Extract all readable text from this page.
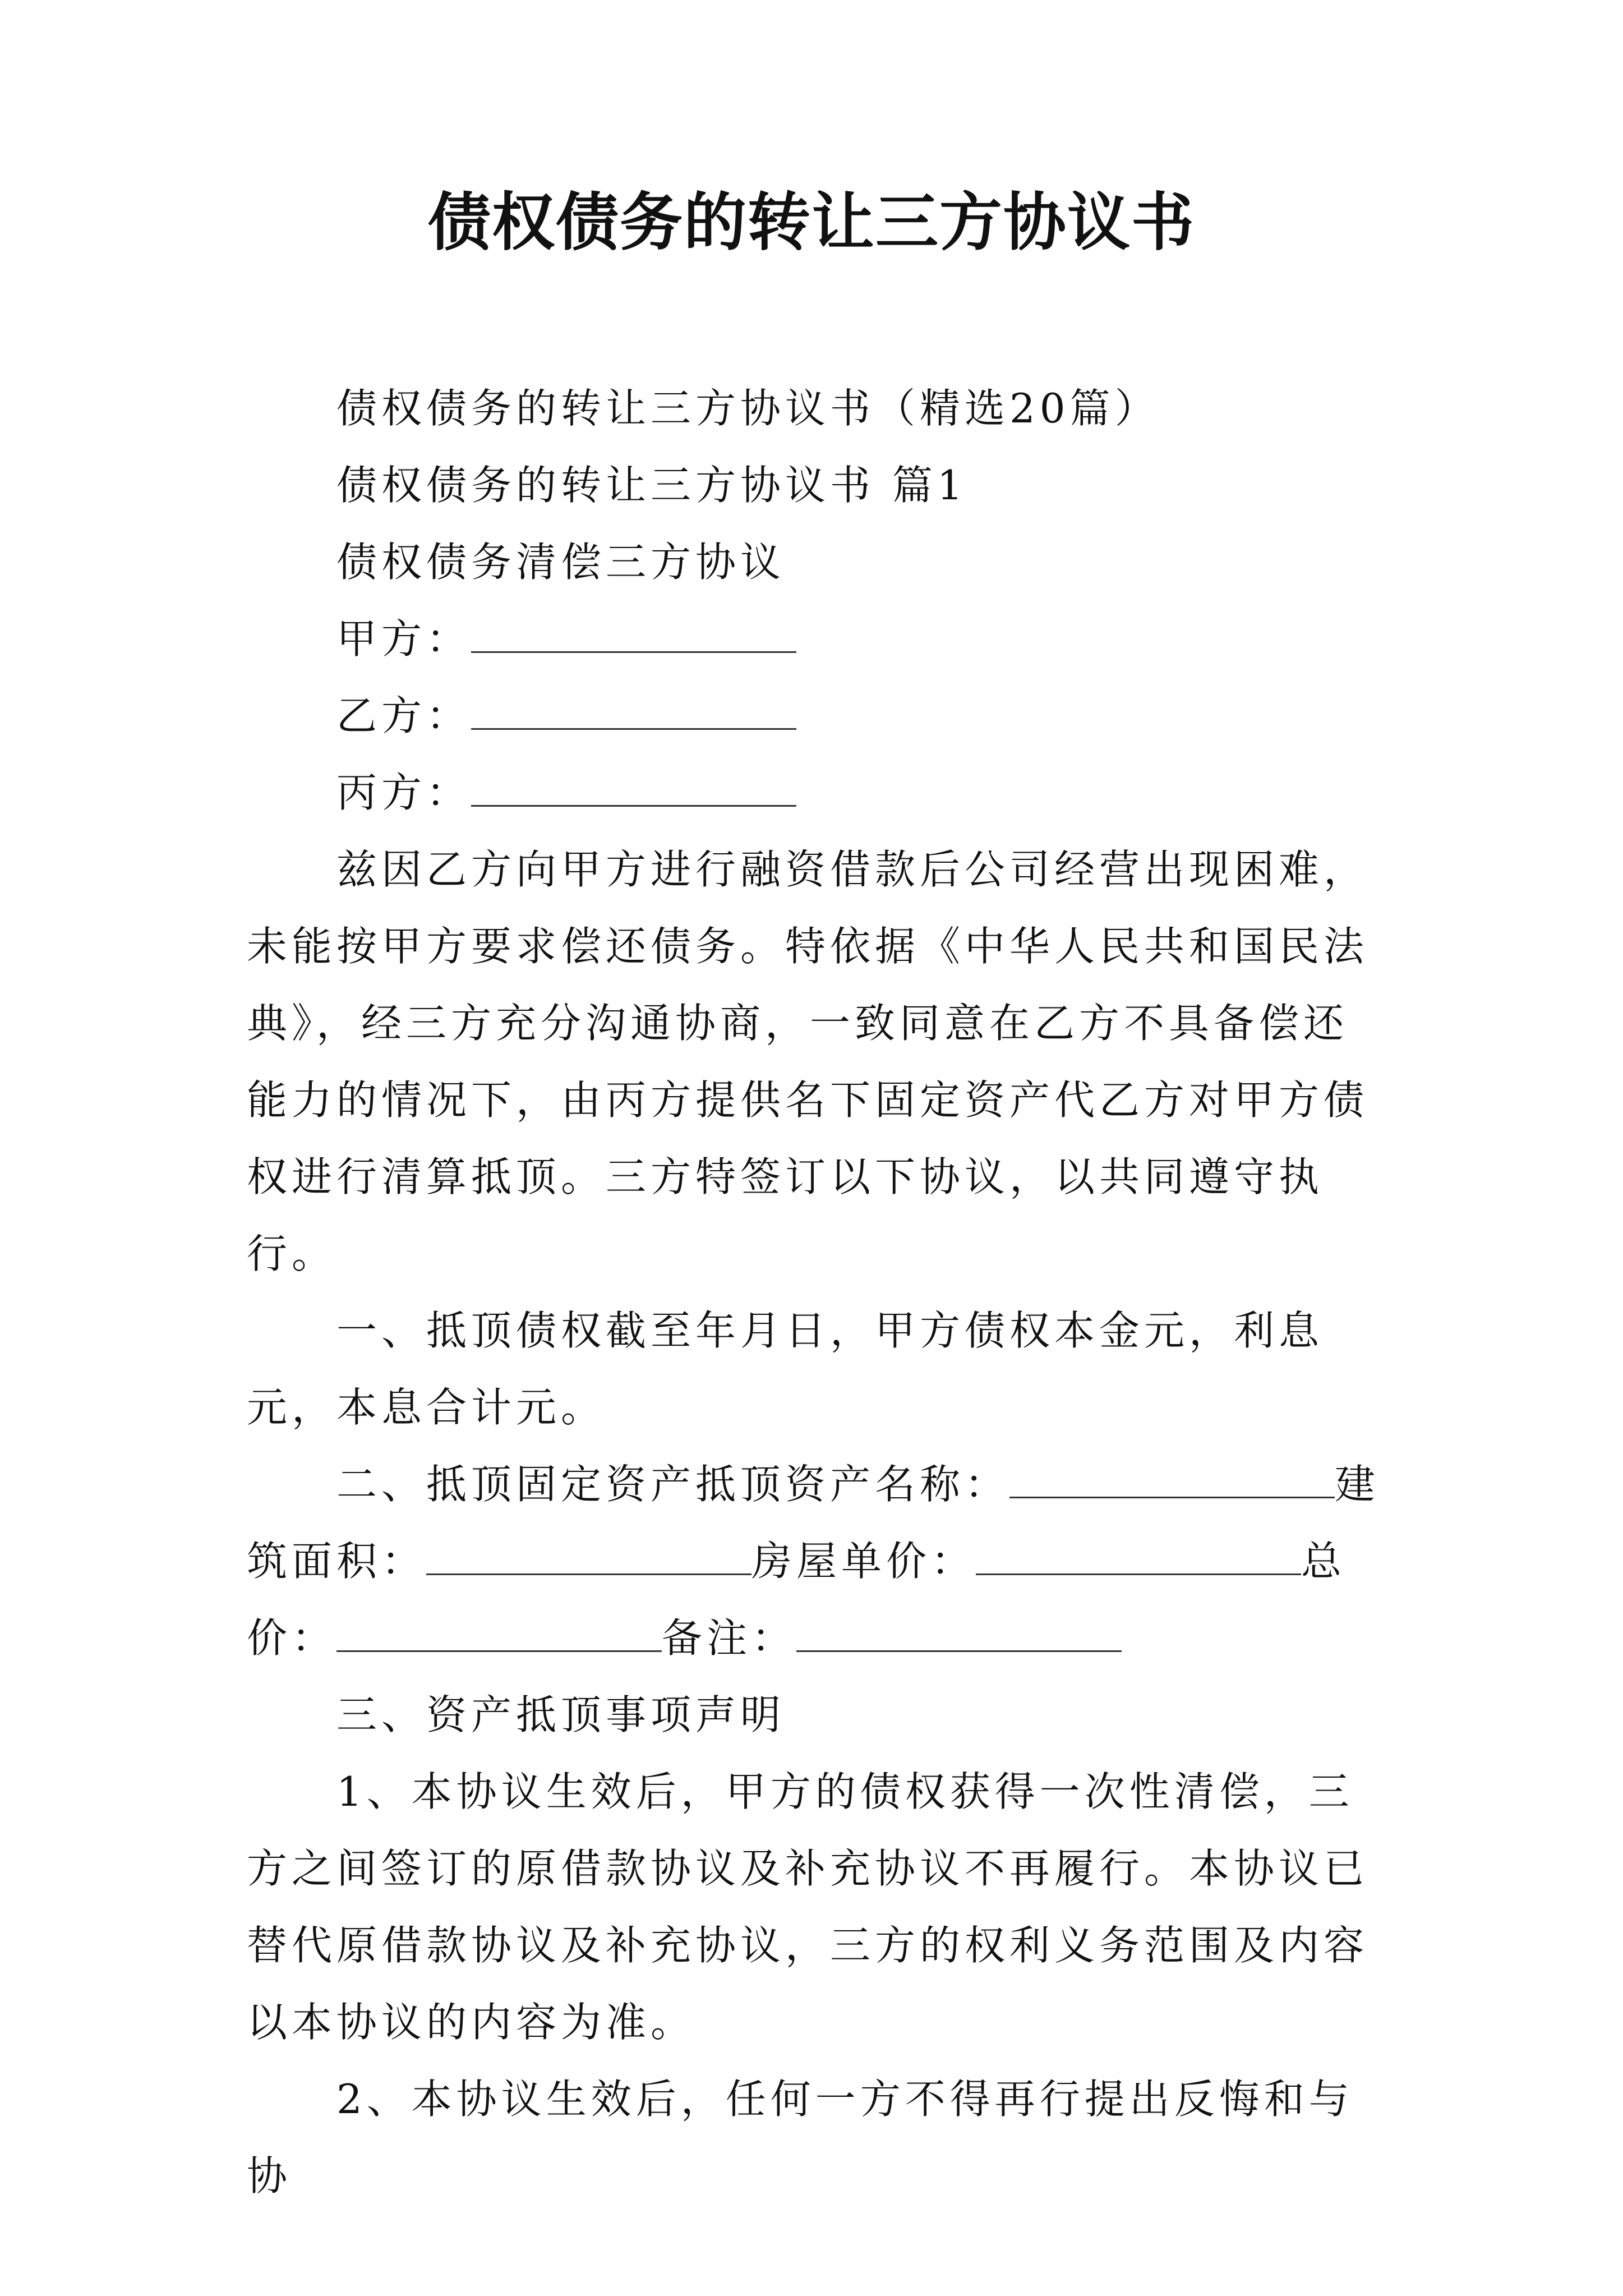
债权债务的转让三方协议书

债权债务的转让三方协议书（精选20篇）

债权债务的转让三方协议书 篇1

债权债务清偿三方协议

甲方：

乙方：

丙方：

兹因乙方向甲方进行融资借款后公司经营出现困难，未能按甲方要求偿还债务。特依据《中华人民共和国民法典》，经三方充分沟通协商，一致同意在乙方不具备偿还能力的情况下，由丙方提供名下固定资产代乙方对甲方债权进行清算抵顶。三方特签订以下协议，以共同遵守执行。

一、抵顶债权截至年月日，甲方债权本金元，利息元，本息合计元。

二、抵顶固定资产抵顶资产名称：	建筑面积：	房屋单价：	总价：	备注：

三、资产抵顶事项声明

1、本协议生效后，甲方的债权获得一次性清偿，三方之间签订的原借款协议及补充协议不再履行。本协议已替代原借款协议及补充协议，三方的权利义务范围及内容以本协议的内容为准。

2、本协议生效后，任何一方不得再行提出反悔和与协
